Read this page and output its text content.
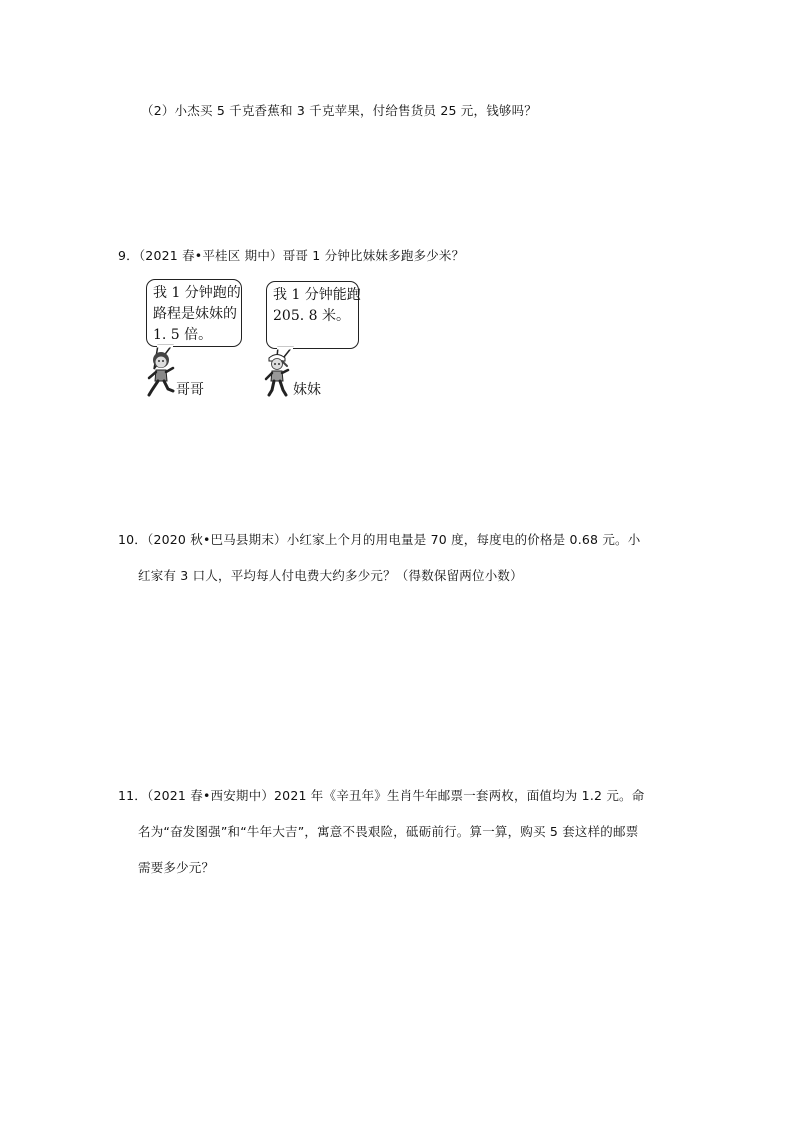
（2）小杰买 5 千克香蕉和 3 千克苹果，付给售货员 25 元，钱够吗？
9．（2021 春•平桂区 期中）哥哥 1 分钟比妹妹多跑多少米？
我 1 分钟跑的
路程是妹妹的
1. 5 倍。
我 1 分钟能跑
205. 8 米。
哥哥	妹妹
10．（2020 秋•巴马县期末）小红家上个月的用电量是 70 度，每度电的价格是 0.68 元。小
红家有 3 口人，平均每人付电费大约多少元？（得数保留两位小数）
11．（2021 春•西安期中）2021 年《辛丑年》生肖牛年邮票一套两枚，面值均为 1.2 元。命
名为“奋发图强”和“牛年大吉”，寓意不畏艰险，砥砺前行。算一算，购买 5 套这样的邮票
需要多少元？
